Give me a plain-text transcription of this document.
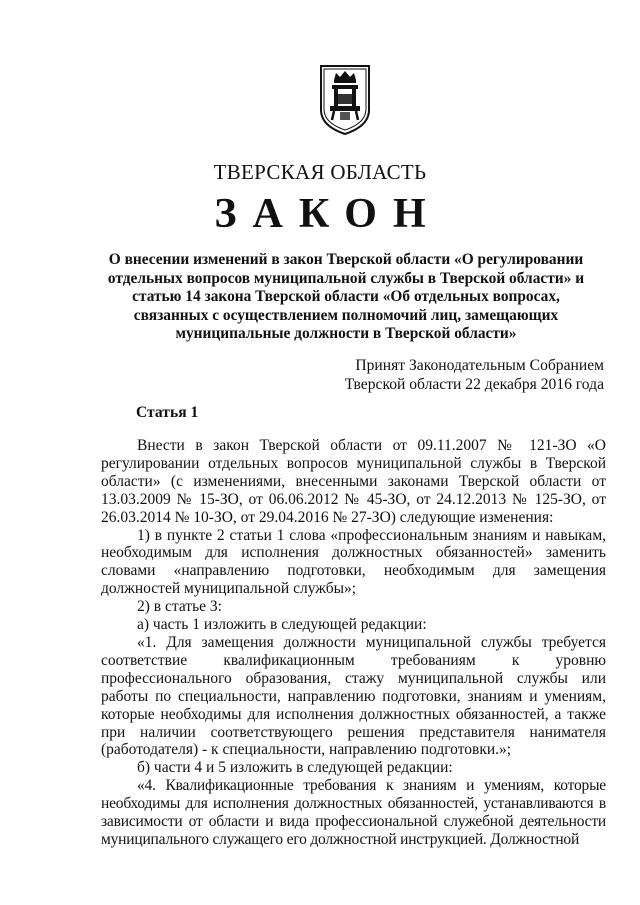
ТВЕРСКАЯ ОБЛАСТЬ
ЗАКОН
О внесении изменений в закон Тверской области «О регулировании отдельных вопросов муниципальной службы в Тверской области» и статью 14 закона Тверской области «Об отдельных вопросах, связанных с осуществлением полномочий лиц, замещающих муниципальные должности в Тверской области»
Принят Законодательным Собранием
Тверской области 22 декабря 2016 года
Статья 1

Внести в закон Тверской области от 09.11.2007 № 121-ЗО «О регулировании отдельных вопросов муниципальной службы в Тверской области» (с изменениями, внесенными законами Тверской области от 13.03.2009 № 15-ЗО, от 06.06.2012 № 45-ЗО, от 24.12.2013 № 125-ЗО, от 26.03.2014 № 10-ЗО, от 29.04.2016 № 27-ЗО) следующие изменения:

1) в пункте 2 статьи 1 слова «профессиональным знаниям и навыкам, необходимым для исполнения должностных обязанностей» заменить словами «направлению подготовки, необходимым для замещения должностей муниципальной службы»;

2) в статье 3:

а) часть 1 изложить в следующей редакции:

«1. Для замещения должности муниципальной службы требуется соответствие квалификационным требованиям к уровню профессионального образования, стажу муниципальной службы или работы по специальности, направлению подготовки, знаниям и умениям, которые необходимы для исполнения должностных обязанностей, а также при наличии соответствующего решения представителя нанимателя (работодателя) - к специальности, направлению подготовки.»;

б) части 4 и 5 изложить в следующей редакции:

«4. Квалификационные требования к знаниям и умениям, которые необходимы для исполнения должностных обязанностей, устанавливаются в зависимости от области и вида профессиональной служебной деятельности муниципального служащего его должностной инструкцией. Должностной
